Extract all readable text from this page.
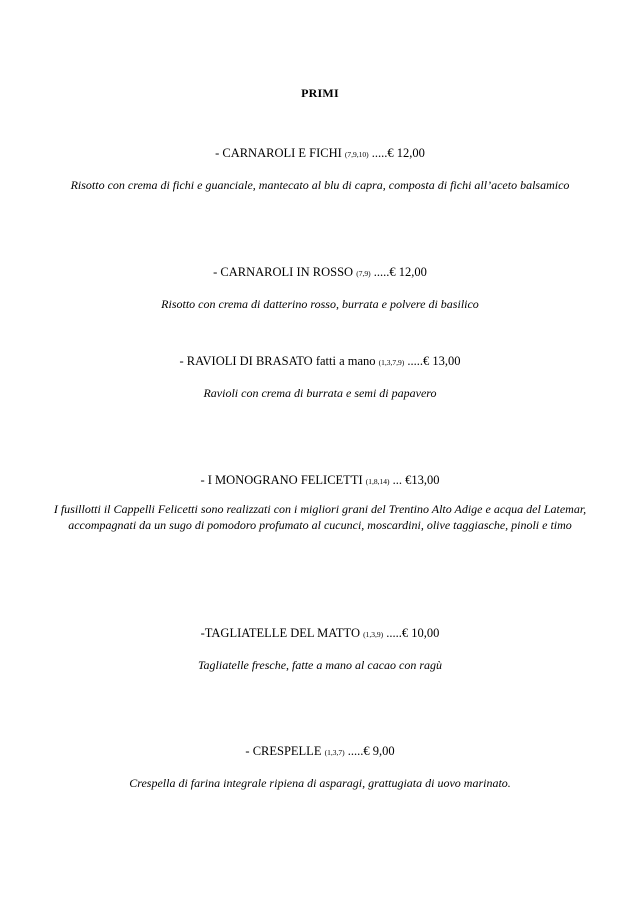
PRIMI
- CARNAROLI E FICHI (7,9,10) .....€ 12,00
Risotto con crema di fichi e guanciale, mantecato al blu di capra, composta di fichi all’aceto balsamico
- CARNAROLI IN ROSSO (7,9) .....€ 12,00
Risotto con crema di datterino rosso, burrata e polvere di basilico
- RAVIOLI DI BRASATO fatti a mano (1,3,7,9) .....€ 13,00
Ravioli con crema di burrata e semi di papavero
- I MONOGRANO FELICETTI (1,8,14) ... €13,00
I fusillotti il Cappelli Felicetti sono realizzati con i migliori grani del Trentino Alto Adige e acqua del Latemar, accompagnati da un sugo di pomodoro profumato al cucunci, moscardini, olive taggiasche, pinoli e timo
-TAGLIATELLE DEL MATTO (1,3,9) .....€ 10,00
Tagliatelle fresche, fatte a mano al cacao con ragù
- CRESPELLE (1,3,7) .....€ 9,00
Crespella di farina integrale ripiena di asparagi, grattugiata di uovo marinato.
